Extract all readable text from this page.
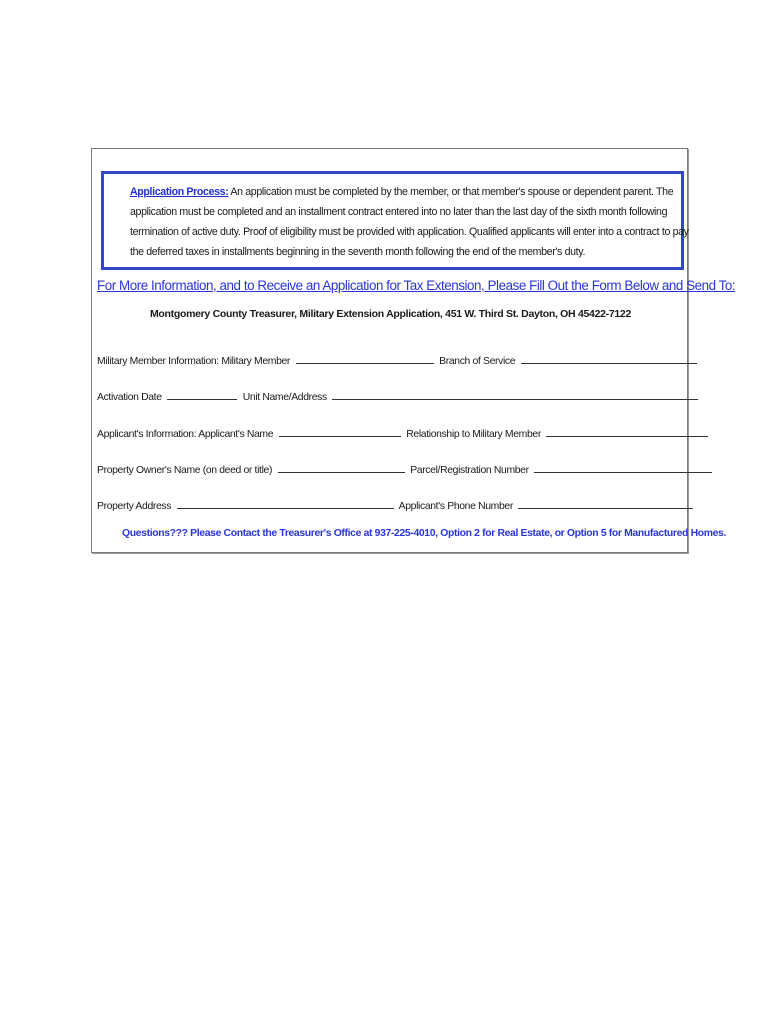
Application Process: An application must be completed by the member, or that member's spouse or dependent parent. The
application must be completed and an installment contract entered into no later than the last day of the sixth month following
termination of active duty. Proof of eligibility must be provided with application. Qualified applicants will enter into a contract to pay
the deferred taxes in installments beginning in the seventh month following the end of the member's duty.
For More Information, and to Receive an Application for Tax Extension, Please Fill Out the Form Below and Send To:
Montgomery County Treasurer, Military Extension Application, 451 W. Third St. Dayton, OH 45422-7122
Military Member Information: Military Member	Branch of Service
Activation Date	Unit Name/Address
Applicant's Information: Applicant's Name	Relationship to Military Member
Property Owner's Name (on deed or title)	Parcel/Registration Number
Property Address	Applicant's Phone Number
Questions??? Please Contact the Treasurer's Office at 937-225-4010, Option 2 for Real Estate, or Option 5 for Manufactured Homes.
